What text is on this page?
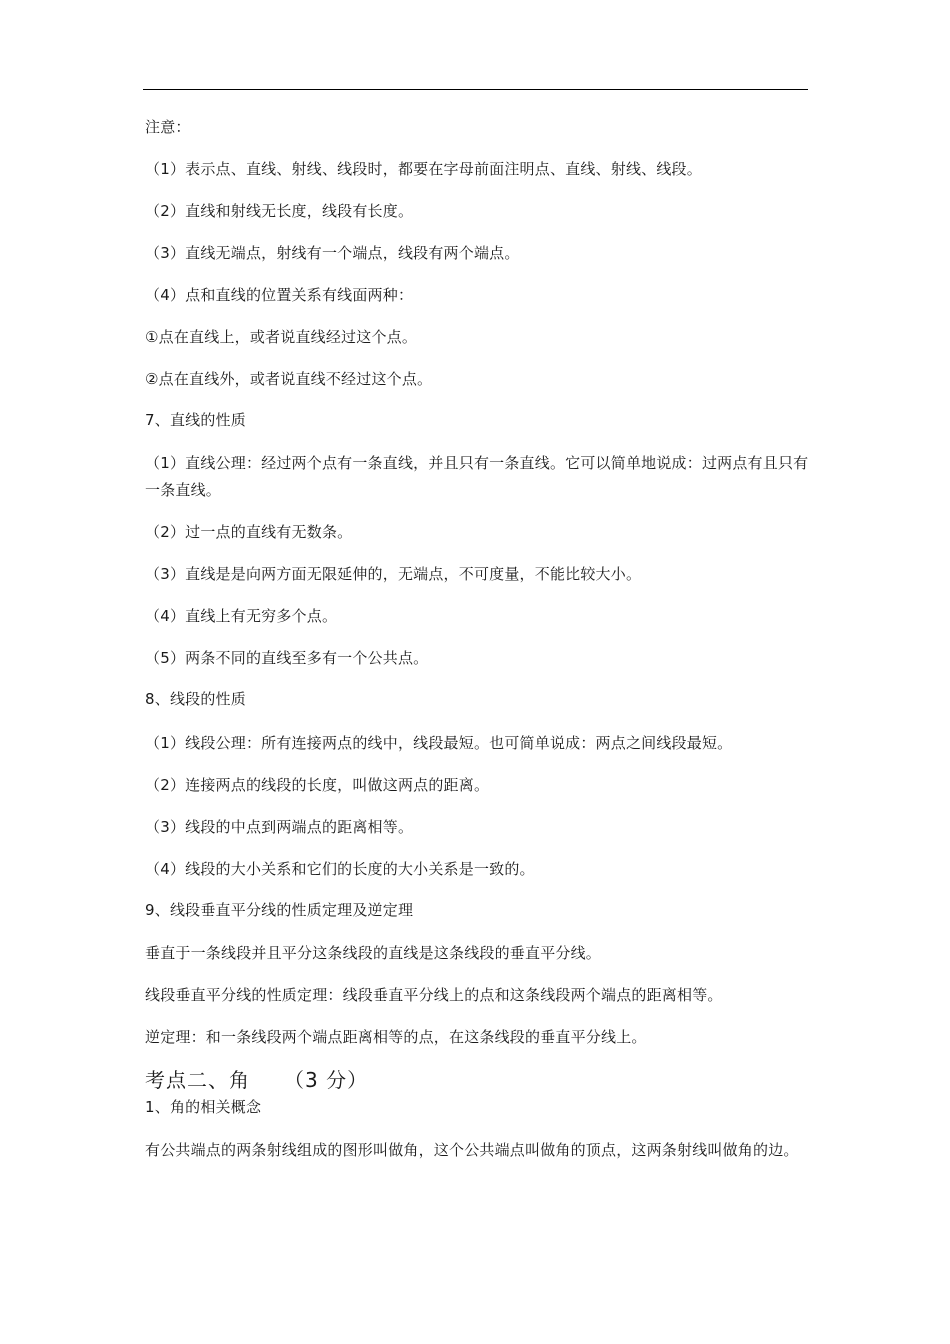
注意：
（1）表示点、直线、射线、线段时，都要在字母前面注明点、直线、射线、线段。
（2）直线和射线无长度，线段有长度。
（3）直线无端点，射线有一个端点，线段有两个端点。
（4）点和直线的位置关系有线面两种：
①点在直线上，或者说直线经过这个点。
②点在直线外，或者说直线不经过这个点。
7、直线的性质
（1）直线公理：经过两个点有一条直线，并且只有一条直线。它可以简单地说成：过两点有且只有一条直线。
（2）过一点的直线有无数条。
（3）直线是是向两方面无限延伸的，无端点，不可度量，不能比较大小。
（4）直线上有无穷多个点。
（5）两条不同的直线至多有一个公共点。
8、线段的性质
（1）线段公理：所有连接两点的线中，线段最短。也可简单说成：两点之间线段最短。
（2）连接两点的线段的长度，叫做这两点的距离。
（3）线段的中点到两端点的距离相等。
（4）线段的大小关系和它们的长度的大小关系是一致的。
9、线段垂直平分线的性质定理及逆定理
垂直于一条线段并且平分这条线段的直线是这条线段的垂直平分线。
线段垂直平分线的性质定理：线段垂直平分线上的点和这条线段两个端点的距离相等。
逆定理：和一条线段两个端点距离相等的点，在这条线段的垂直平分线上。
考点二、角 （3 分）
1、角的相关概念
有公共端点的两条射线组成的图形叫做角，这个公共端点叫做角的顶点，这两条射线叫做角的边。
